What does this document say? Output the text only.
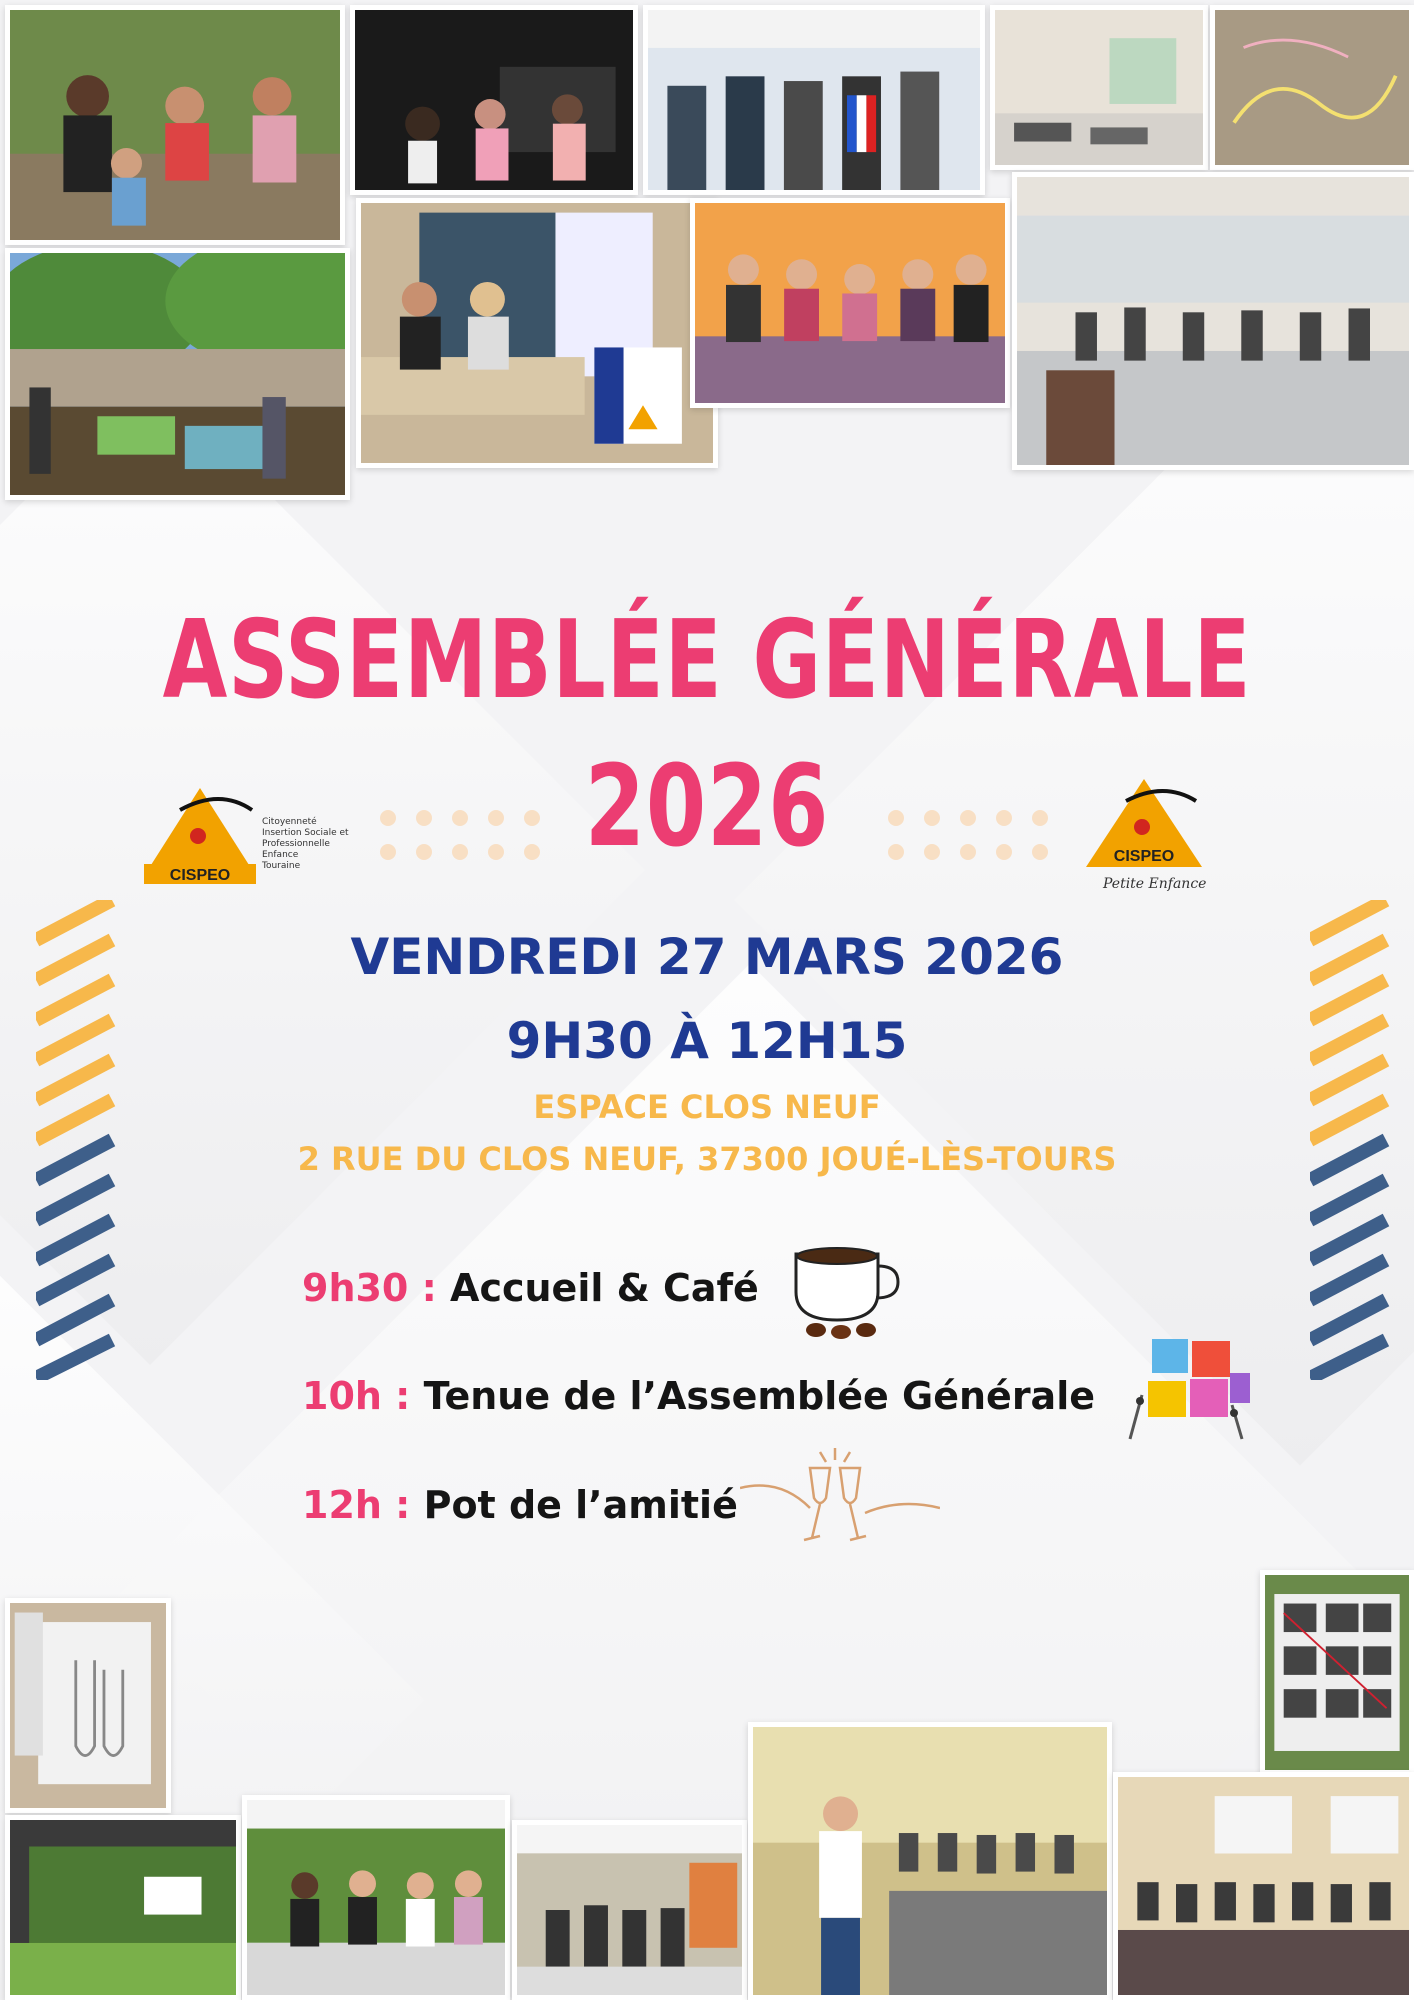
ASSEMBLÉE GÉNÉRALE
2026
CISPEO
Citoyenneté
Insertion Sociale et
Professionnelle
Enfance
Touraine
CISPEO
Petite Enfance
VENDREDI 27 MARS 2026
9H30 À 12H15
ESPACE CLOS NEUF
2 RUE DU CLOS NEUF, 37300 JOUÉ-LÈS-TOURS
9h30 : Accueil & Café
10h : Tenue de l’Assemblée Générale
12h : Pot de l’amitié
